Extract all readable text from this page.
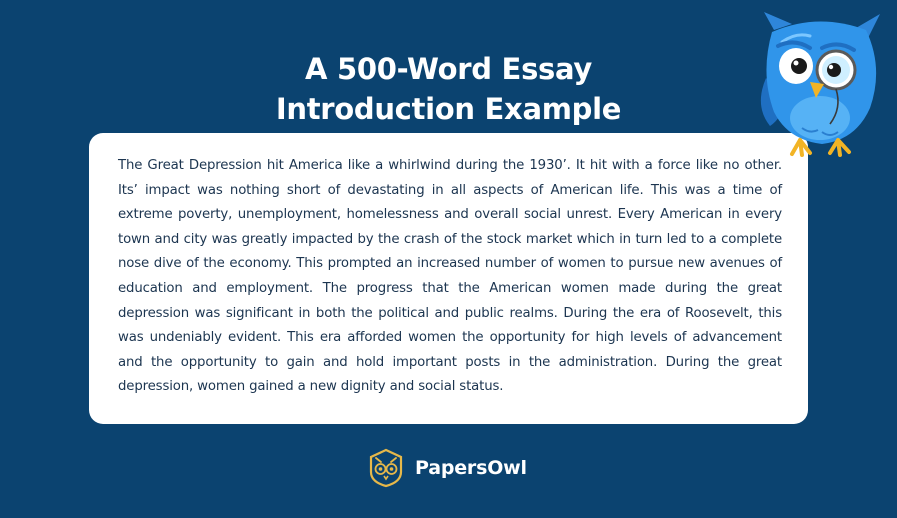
A 500-Word Essay
Introduction Example

The Great Depression hit America like a whirlwind during the 1930’. It hit with a force like no other. Its’ impact was nothing short of devastating in all aspects of American life. This was a time of extreme poverty, unemployment, homelessness and overall social unrest. Every American in every town and city was greatly impacted by the crash of the stock market which in turn led to a complete nose dive of the economy. This prompted an increased number of women to pursue new avenues of education and employment. The progress that the American women made during the great depression was significant in both the political and public realms. During the era of Roosevelt, this was undeniably evident. This era afforded women the opportunity for high levels of advancement and the opportunity to gain and hold important posts in the administration. During the great depression, women gained a new dignity and social status.

PapersOwl
